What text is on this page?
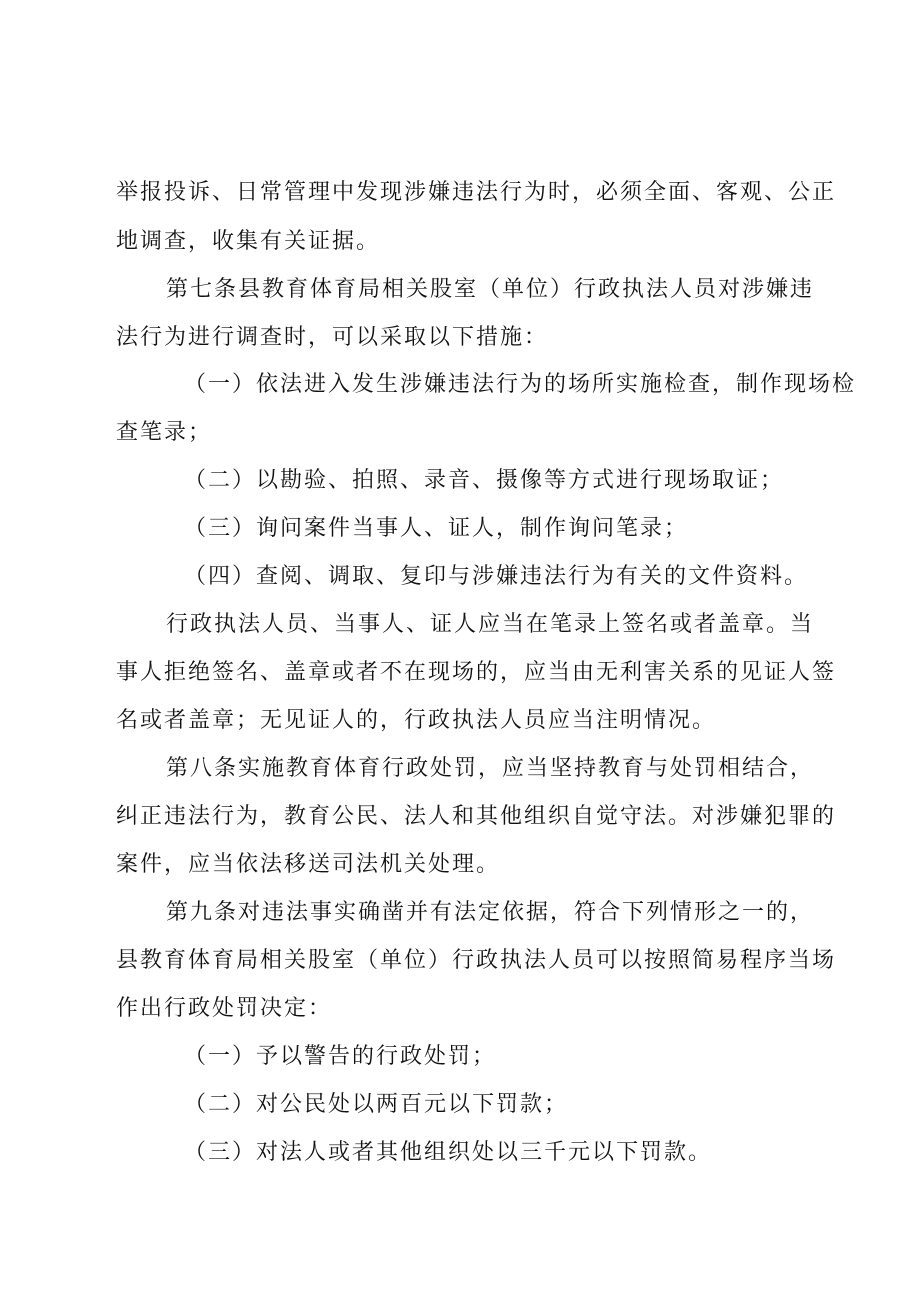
举报投诉、日常管理中发现涉嫌违法行为时，必须全面、客观、公正
地调查，收集有关证据。
第七条县教育体育局相关股室（单位）行政执法人员对涉嫌违
法行为进行调查时，可以采取以下措施：
（一）依法进入发生涉嫌违法行为的场所实施检查，制作现场检
查笔录；
（二）以勘验、拍照、录音、摄像等方式进行现场取证；
（三）询问案件当事人、证人，制作询问笔录；
（四）查阅、调取、复印与涉嫌违法行为有关的文件资料。
行政执法人员、当事人、证人应当在笔录上签名或者盖章。当
事人拒绝签名、盖章或者不在现场的，应当由无利害关系的见证人签
名或者盖章；无见证人的，行政执法人员应当注明情况。
第八条实施教育体育行政处罚，应当坚持教育与处罚相结合，
纠正违法行为，教育公民、法人和其他组织自觉守法。对涉嫌犯罪的
案件，应当依法移送司法机关处理。
第九条对违法事实确凿并有法定依据，符合下列情形之一的，
县教育体育局相关股室（单位）行政执法人员可以按照简易程序当场
作出行政处罚决定：
（一）予以警告的行政处罚；
（二）对公民处以两百元以下罚款；
（三）对法人或者其他组织处以三千元以下罚款。
